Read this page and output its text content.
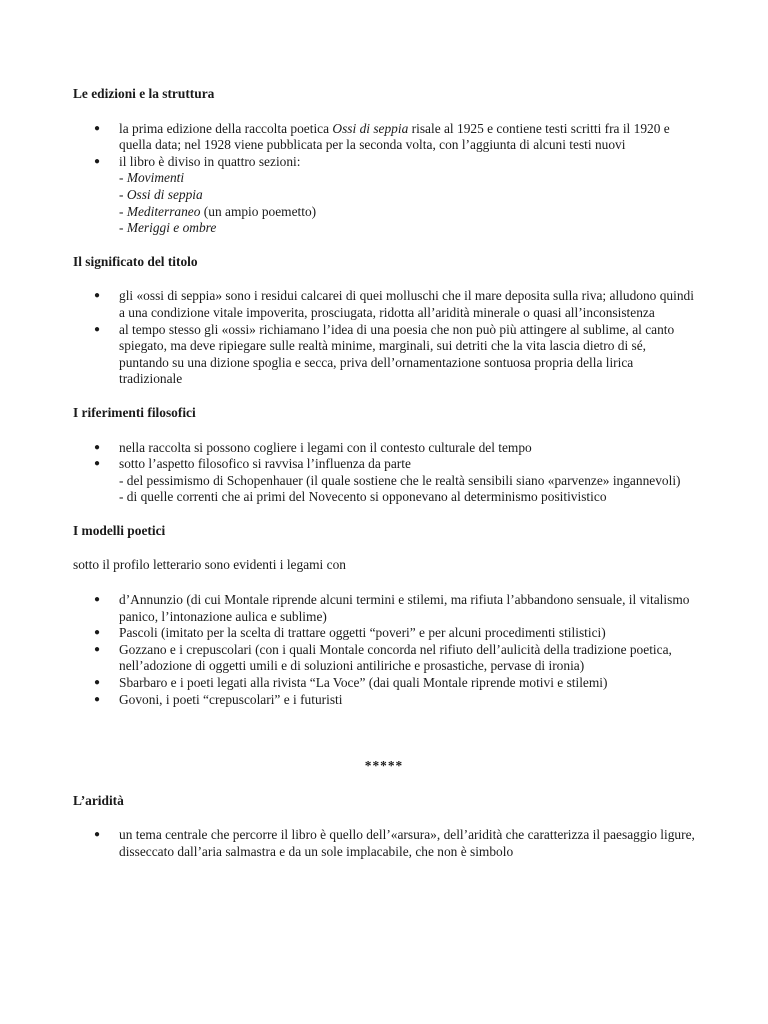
Le edizioni e la struttura
● la prima edizione della raccolta poetica Ossi di seppia risale al 1925 e contiene testi scritti fra il 1920 e quella data; nel 1928 viene pubblicata per la seconda volta, con l’aggiunta di alcuni testi nuovi
● il libro è diviso in quattro sezioni:
- Movimenti
- Ossi di seppia
- Mediterraneo (un ampio poemetto)
- Meriggi e ombre
Il significato del titolo
● gli «ossi di seppia» sono i residui calcarei di quei molluschi che il mare deposita sulla riva; alludono quindi a una condizione vitale impoverita, prosciugata, ridotta all’aridità minerale o quasi all’inconsistenza
● al tempo stesso gli «ossi» richiamano l’idea di una poesia che non può più attingere al sublime, al canto spiegato, ma deve ripiegare sulle realtà minime, marginali, sui detriti che la vita lascia dietro di sé, puntando su una dizione spoglia e secca, priva dell’ornamentazione sontuosa propria della lirica tradizionale
I riferimenti filosofici
● nella raccolta si possono cogliere i legami con il contesto culturale del tempo
● sotto l’aspetto filosofico si ravvisa l’influenza da parte
- del pessimismo di Schopenhauer (il quale sostiene che le realtà sensibili siano «parvenze» ingannevoli)
- di quelle correnti che ai primi del Novecento si opponevano al determinismo positivistico
I modelli poetici

sotto il profilo letterario sono evidenti i legami con

● d’Annunzio (di cui Montale riprende alcuni termini e stilemi, ma rifiuta l’abbandono sensuale, il vitalismo panico, l’intonazione aulica e sublime)
● Pascoli (imitato per la scelta di trattare oggetti “poveri” e per alcuni procedimenti stilistici)
● Gozzano e i crepuscolari (con i quali Montale concorda nel rifiuto dell’aulicità della tradizione poetica, nell’adozione di oggetti umili e di soluzioni antiliriche e prosastiche, pervase di ironia)
● Sbarbaro e i poeti legati alla rivista “La Voce” (dai quali Montale riprende motivi e stilemi)
● Govoni, i poeti “crepuscolari” e i futuristi

*****

L’aridità
● un tema centrale che percorre il libro è quello dell’«arsura», dell’aridità che caratterizza il paesaggio ligure, disseccato dall’aria salmastra e da un sole implacabile, che non è simbolo
